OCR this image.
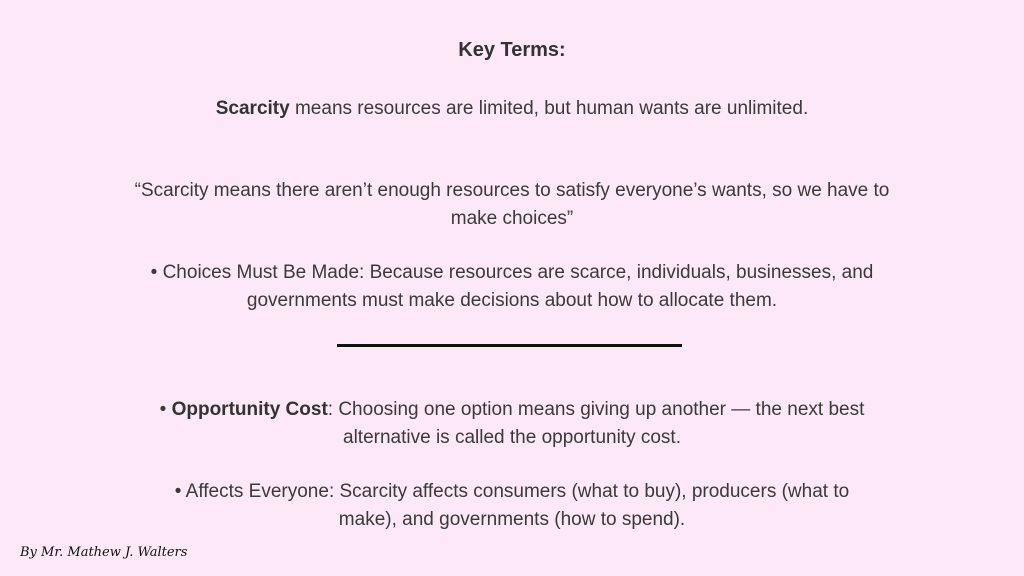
Key Terms:
Scarcity means resources are limited, but human wants are unlimited.
“Scarcity means there aren’t enough resources to satisfy everyone’s wants, so we have to make choices”
• Choices Must Be Made: Because resources are scarce, individuals, businesses, and governments must make decisions about how to allocate them.
• Opportunity Cost: Choosing one option means giving up another — the next best alternative is called the opportunity cost.
• Affects Everyone: Scarcity affects consumers (what to buy), producers (what to make), and governments (how to spend).
By Mr. Mathew J. Walters
